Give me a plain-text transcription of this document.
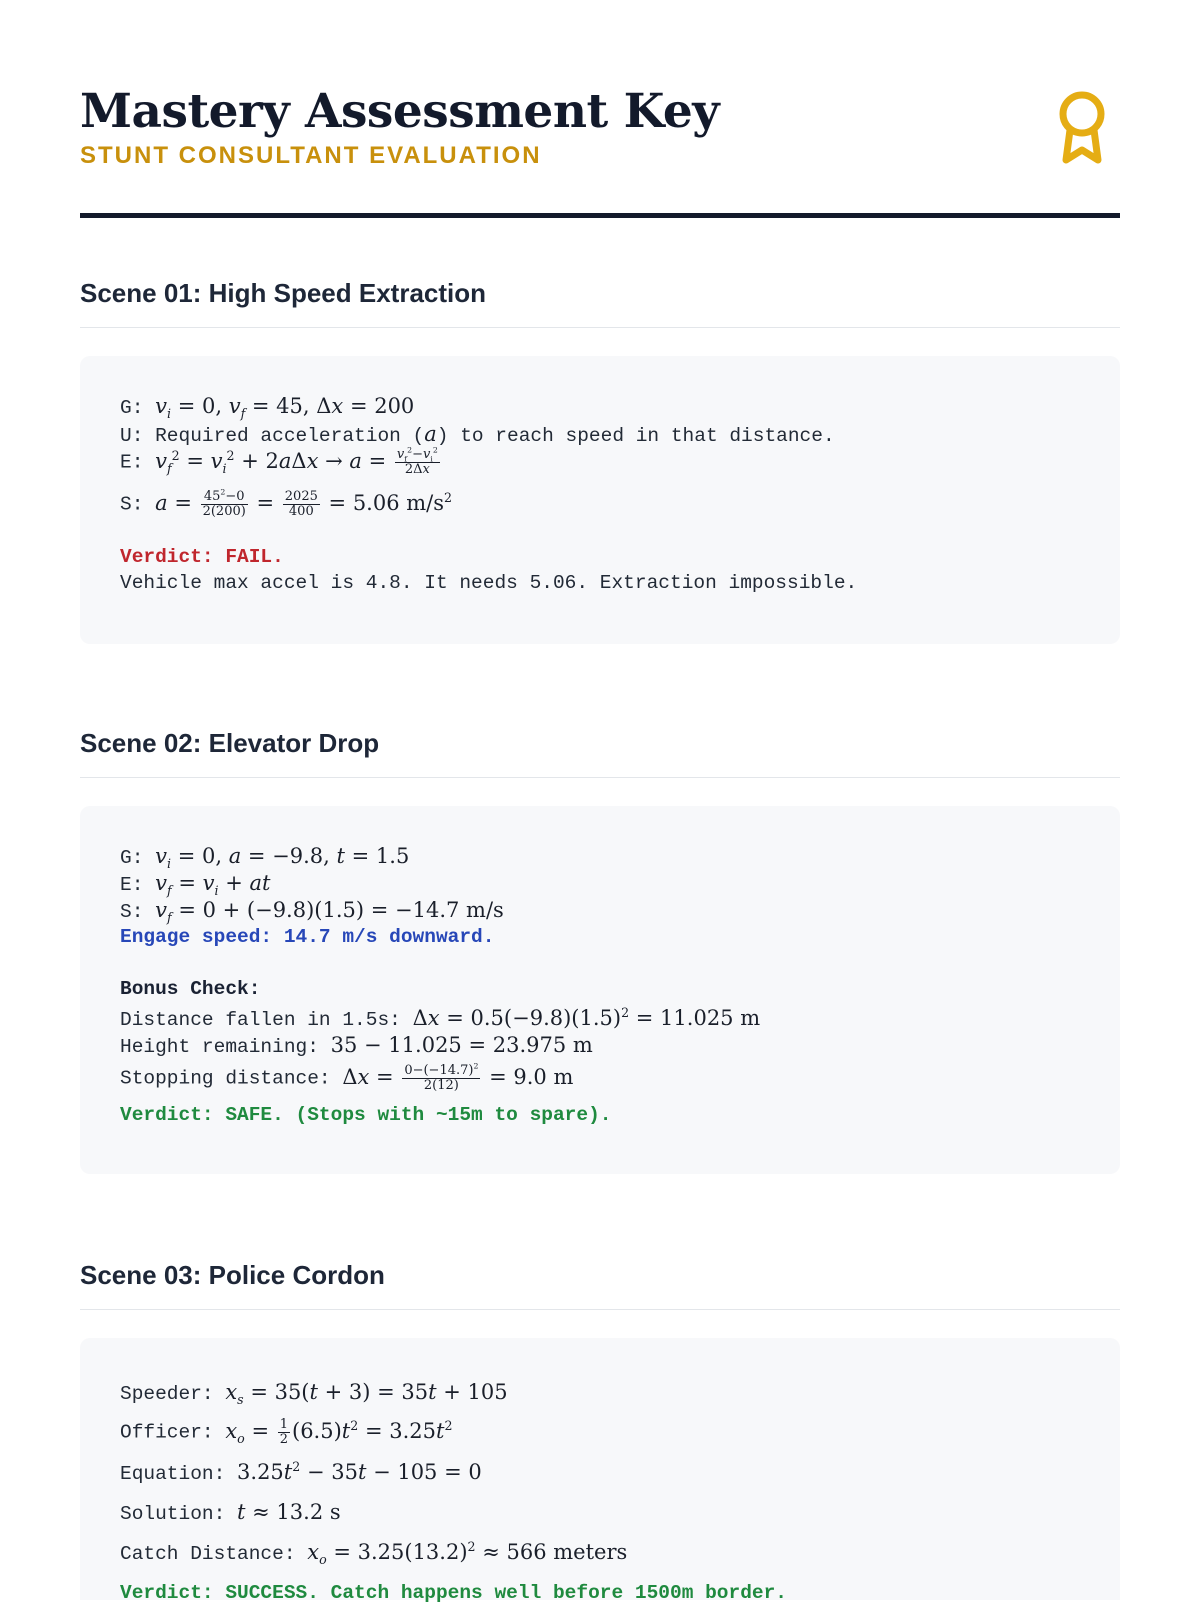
Mastery Assessment Key
STUNT CONSULTANT EVALUATION
Scene 01: High Speed Extraction
G: $v_i = 0$, $v_f = 45$, Δx = 200
U: Required acceleration (a) to reach speed in that distance.
E: $v_f^2 = v_i^2 + 2a\Delta x \to a = \frac{v_f^2-v_i^2}{2\Delta x}$
S: $a = \frac{45^2-0}{2(200)} = \frac{2025}{400} = 5.06$ $m/s^2$
Verdict: FAIL.
Vehicle max accel is 4.8. It needs 5.06. Extraction impossible.
Scene 02: Elevator Drop
G: $v_i = 0$, a = −9.8, t = 1.5
E: $v_f = v_i$ + at
S: $v_f = 0 + (-9.8)(1.5) = -14.7$ m/s
Engage speed: 14.7 m/s downward.
Bonus Check:
Distance fallen in 1.5s: $\Delta x = 0.5(-9.8)(1.5)^2 = 11.025$ m
Height remaining: 35 − 11.025 = 23.975 m
Stopping distance: $\Delta x = \frac{0-(-14.7)^2}{2(12)} = 9.0$ m
Verdict: SAFE. (Stops with ~15m to spare).
Scene 03: Police Cordon
Speeder: $x_s = 35(t + 3) = 35t + 105$
Officer: $x_o = \frac{1}{2} (6.5)t^2 = 3.25t^2$
Equation: $3.25t^2 - 35t - 105 = 0$
Solution: t ≈ 13.2 s
Catch Distance: $x_o = 3.25(13.2)^2 \approx 566$ meters
Verdict: SUCCESS. Catch happens well before 1500m border.
